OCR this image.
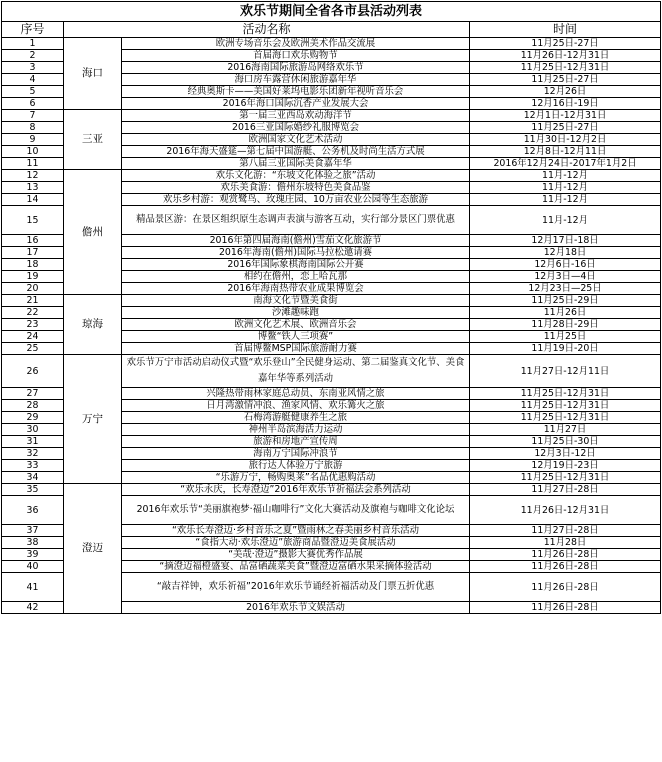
欢乐节期间全省各市县活动列表			
序号	活动名称		时间
1	海口	欧洲专场音乐会及欧洲美术作品交流展	11月25日-27日
2		首届海口欢乐购物节	11月26日-12月31日
3		2016海南国际旅游岛网络欢乐节	11月25日-12月31日
4		海口房车露营休闲旅游嘉年华	11月25日-27日
5		经典奥斯卡——美国好莱坞电影乐团新年视听音乐会	12月26日
6		2016年海口国际沉香产业发展大会	12月16日-19日
7	三亚	第一届三亚西岛欢动海洋节	12月1日-12月31日
8		2016三亚国际婚纱礼服博览会	11月25日-27日
9		欧洲国家文化艺术活动	11月30日-12月2日
10		2016年海天盛筵—第七届中国游艇、公务机及时尚生活方式展	12月8日-12月11日
11		第八届三亚国际美食嘉年华	2016年12月24日-2017年1月2日
12	儋州	欢乐文化游：“东坡文化体验之旅”活动	11月-12月
13		欢乐美食游：儋州东坡特色美食品鉴	11月-12月
14		欢乐乡村游：观赏鹭鸟、玫瑰庄园、10万亩农业公园等生态旅游	11月-12月
15		精品景区游：在景区组织原生态调声表演与游客互动，实行部分景区门票优惠	11月-12月
16		2016年第四届海南(儋州)雪茄文化旅游节	12月17日-18日
17		2016年海南(儋州)国际马拉松邀请赛	12月18日
18		2016年国际象棋海南国际公开赛	12月6日-16日
19		相约在儋州，恋上哈瓦那	12月3日—4日
20		2016年海南热带农业成果博览会	12月23日—25日
21	琼海	南海文化节暨美食街	11月25日-29日
22		沙滩趣味跑	11月26日
23		欧洲文化艺术展、欧洲音乐会	11月28日-29日
24		博鳌“铁人三项赛”	11月25日
25		首届博鳌MSP国际旅游耐力赛	11月19日-20日
26	万宁	欢乐节万宁市活动启动仪式暨“欢乐登山”全民健身运动、第二届鉴真文化节、美食嘉年华等系列活动	11月27日-12月11日
27		兴隆热带雨林家庭总动员、东南亚风情之旅	11月25日-12月31日
28		日月湾激情冲浪、渔家风情、欢乐篝火之旅	11月25日-12月31日
29		石梅湾游艇健康养生之旅	11月25日-12月31日
30		神州半岛滨海活力运动	11月27日
31		旅游和房地产宣传周	11月25日-30日
32		海南万宁国际冲浪节	12月3日-12日
33		旅行达人体验万宁旅游	12月19日-23日
34		“乐游万宁，畅购奥莱”名品优惠购活动	11月25日-12月31日
35	澄迈	“欢乐永庆，长寿澄迈”2016年欢乐节祈福法会系列活动	11月27日-28日
36		2016年欢乐节“美丽旗袍梦·福山咖啡行”文化大赛活动及旗袍与咖啡文化论坛	11月26日-12月31日
37		“欢乐长寿澄迈·乡村音乐之夏”暨雨林之春美丽乡村音乐活动	11月27日-28日
38		“食指大动·欢乐澄迈”旅游商品暨澄迈美食展活动	11月28日
39		“美哉·澄迈”摄影大赛优秀作品展	11月26日-28日
40		“摘澄迈福橙盛宴、品富硒蔬菜美食”暨澄迈富硒水果采摘体验活动	11月26日-28日
41		“敲吉祥钟，欢乐祈福”2016年欢乐节诵经祈福活动及门票五折优惠	11月26日-28日
42		2016年欢乐节文娱活动	11月26日-28日
